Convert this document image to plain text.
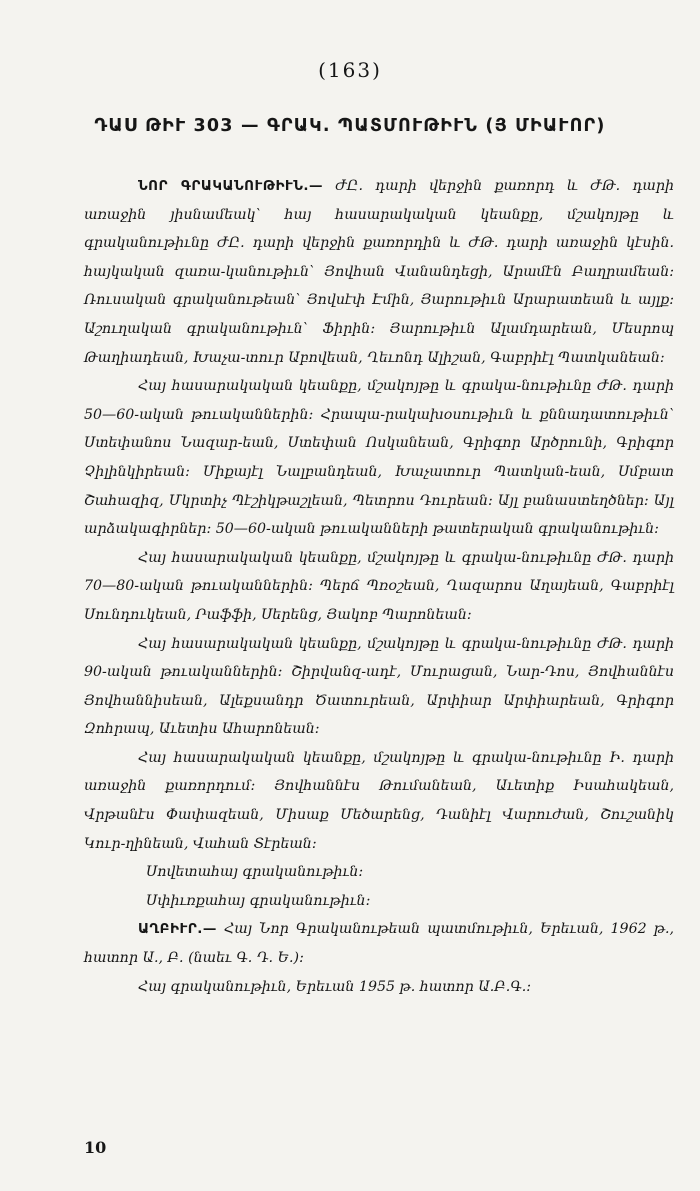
(163)
ԴԱՍ ԹԻՒ 303 — ԳՐԱԿ. ՊԱՏՄՈՒԹԻՒՆ (Յ ՄԻԱՒՈՐ)

ՆՈՐ ԳՐԱԿԱՆՈՒԹԻՒՆ.— ԺԸ. դարի վերջին քառորդ և ԺԹ. դարի առաջին յիսնամեակ՝ հայ հասարակական կեանքը, մշակոյթը և գրականութիւնը ԺԸ. դարի վերջին քառորդին և ԺԹ. դարի առաջին կէսին. հայկական զառա-կանութիւն՝ Յովհան Վանանդեցի, Արամէն Բաղրամեան: Ռուսական գրականութեան՝ Յովսէփ Էմին, Յարութիւն Արարատեան և այլք: Աշուղական գրականութիւն՝ Ֆիրին: Յարութիւն Ալամդարեան, Մեսրոպ Թաղիադեան, Խաչա-տուր Աբովեան, Ղեւոնդ Ալիշան, Գաբրիէլ Պատկանեան:

Հայ հասարակական կեանքը, մշակոյթը և գրակա-նութիւնը ԺԹ. դարի 50—60-ական թուականներին: Հրապա-րակախօսութիւն և քննադատութիւն՝ Ստեփանոս Նազար-եան, Ստեփան Ոսկանեան, Գրիգոր Արծրունի, Գրիգոր Չիլինկիրեան: Միքայէլ Նալբանդեան, Խաչատուր Պատկան-եան, Սմբատ Շահազիզ, Մկրտիչ Պէշիկթաշլեան, Պետրոս Դուրեան: Այլ բանաստեղծներ: Այլ արձակագիրներ: 50—60-ական թուականների թատերական գրականութիւն:

Հայ հասարակական կեանքը, մշակոյթը և գրակա-նութիւնը ԺԹ. դարի 70—80-ական թուականներին: Պերճ Պռօշեան, Ղազարոս Աղայեան, Գաբրիէլ Սունդուկեան, Րաֆֆի, Սերենց, Յակոբ Պարոնեան:

Հայ հասարակական կեանքը, մշակոյթը և գրակա-նութիւնը ԺԹ. դարի 90-ական թուականներին: Շիրվանզ-ադէ, Մուրացան, Նար-Դոս, Յովհաննէս Յովհաննիսեան, Ալեքսանդր Ծատուրեան, Արփիար Արփիարեան, Գրիգոր Զոհրապ, Աւետիս Ահարոնեան:

Հայ հասարակական կեանքը, մշակոյթը և գրակա-նութիւնը Ի. դարի առաջին քառորդում: Յովհաննէս Թումանեան, Աւետիք Իսահակեան, Վրթանէս Փափազեան, Միսաք Մեծարենց, Դանիէլ Վարուժան, Շուշանիկ Կուր-ղինեան, Վահան Տէրեան:

Սովետահայ գրականութիւն:

Սփիւռքահայ գրականութիւն:

ԱՂԲԻՒՐ.— Հայ Նոր Գրականութեան պատմութիւն, Երեւան, 1962 թ., հատոր Ա., Բ. (նաեւ Գ. Դ. Ե.):

Հայ գրականութիւն, Երեւան 1955 թ. հատոր Ա.Բ.Գ.:

10
